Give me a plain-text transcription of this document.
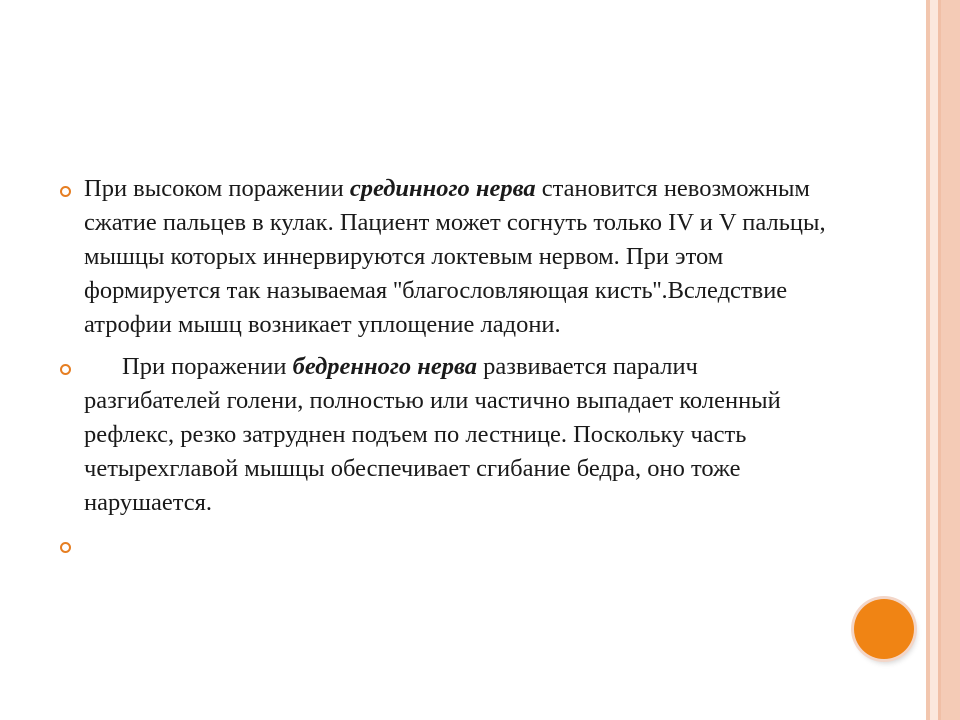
При высоком поражении срединного нерва становится невозможным сжатие пальцев в кулак. Пациент может согнуть только IV и V пальцы, мышцы которых иннервируются локтевым нервом. При этом формируется так называемая ''благословляющая кисть''.Вследствие атрофии мышц возникает уплощение ладони.
При поражении бедренного нерва развивается паралич разгибателей голени, полностью или частично выпадает коленный рефлекс, резко затруднен подъем по лестнице. Поскольку часть четырехглавой мышцы обеспечивает сгибание бедра, оно тоже нарушается.
